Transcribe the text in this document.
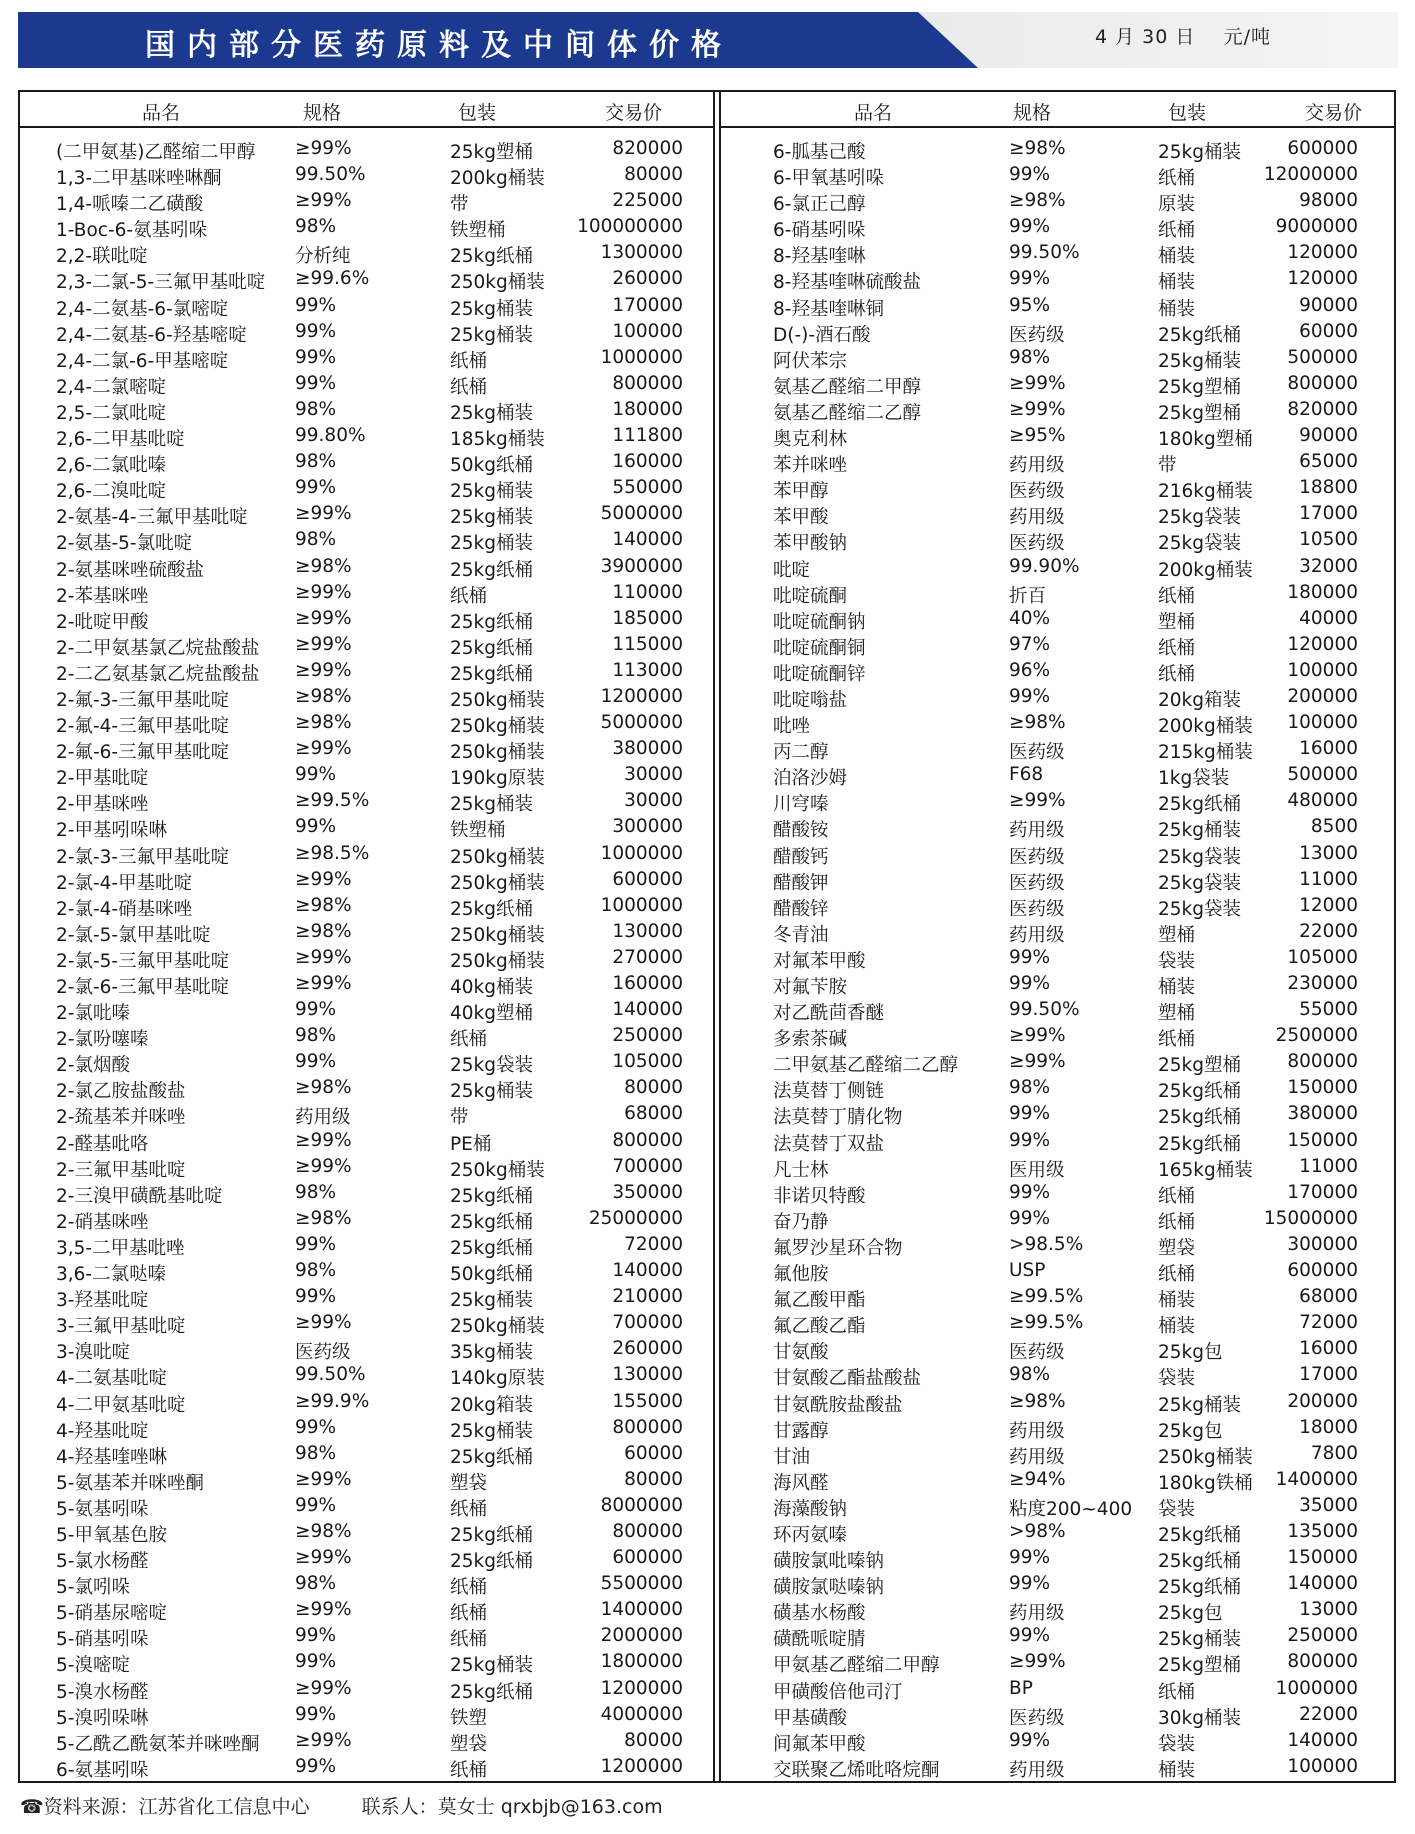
国内部分医药原料及中间体价格	4 月 30 日 元/吨
品名	规格	包装	交易价
(二甲氨基)乙醛缩二甲醇 ≥99%	25kg塑桶	820000
1,3-二甲基咪唑啉酮	99.50%	200kg桶装	80000
1,4-哌嗪二乙磺酸	≥99%	带	225000
1-Boc-6-氨基吲哚	98%	铁塑桶	100000000
2,2-联吡啶	分析纯	25kg纸桶	1300000
2,3-二氯-5-三氟甲基吡啶 ≥99.6%	250kg桶装	260000
2,4-二氨基-6-氯嘧啶	99%	25kg桶装	170000
2,4-二氨基-6-羟基嘧啶	99%	25kg桶装	100000
2,4-二氯-6-甲基嘧啶	99%	纸桶	1000000
2,4-二氯嘧啶	99%	纸桶	800000
2,5-二氯吡啶	98%	25kg桶装	180000
2,6-二甲基吡啶	99.80%	185kg桶装	111800
2,6-二氯吡嗪	98%	50kg纸桶	160000
2,6-二溴吡啶	99%	25kg桶装	550000
2-氨基-4-三氟甲基吡啶	≥99%	25kg桶装	5000000
2-氨基-5-氯吡啶	98%	25kg桶装	140000
2-氨基咪唑硫酸盐	≥98%	25kg纸桶	3900000
2-苯基咪唑	≥99%	纸桶	110000
2-吡啶甲酸	≥99%	25kg纸桶	185000
2-二甲氨基氯乙烷盐酸盐 ≥99%	25kg纸桶	115000
2-二乙氨基氯乙烷盐酸盐 ≥99%	25kg纸桶	113000
2-氟-3-三氟甲基吡啶	≥98%	250kg桶装	1200000
2-氟-4-三氟甲基吡啶	≥98%	250kg桶装	5000000
2-氟-6-三氟甲基吡啶	≥99%	250kg桶装	380000
2-甲基吡啶	99%	190kg原装	30000
2-甲基咪唑	≥99.5%	25kg桶装	30000
2-甲基吲哚啉	99%	铁塑桶	300000
2-氯-3-三氟甲基吡啶	≥98.5%	250kg桶装	1000000
2-氯-4-甲基吡啶	≥99%	250kg桶装	600000
2-氯-4-硝基咪唑	≥98%	25kg纸桶	1000000
2-氯-5-氯甲基吡啶	≥98%	250kg桶装	130000
2-氯-5-三氟甲基吡啶	≥99%	250kg桶装	270000
2-氯-6-三氟甲基吡啶	≥99%	40kg桶装	160000
2-氯吡嗪	99%	40kg塑桶	140000
2-氯吩噻嗪	98%	纸桶	250000
2-氯烟酸	99%	25kg袋装	105000
2-氯乙胺盐酸盐	≥98%	25kg桶装	80000
2-巯基苯并咪唑	药用级	带	68000
2-醛基吡咯	≥99%	PE桶	800000
2-三氟甲基吡啶	≥99%	250kg桶装	700000
2-三溴甲磺酰基吡啶	98%	25kg纸桶	350000
2-硝基咪唑	≥98%	25kg纸桶	25000000
3,5-二甲基吡唑	99%	25kg纸桶	72000
3,6-二氯哒嗪	98%	50kg纸桶	140000
3-羟基吡啶	99%	25kg桶装	210000
3-三氟甲基吡啶	≥99%	250kg桶装	700000
3-溴吡啶	医药级	35kg桶装	260000
4-二氨基吡啶	99.50%	140kg原装	130000
4-二甲氨基吡啶	≥99.9%	20kg箱装	155000
4-羟基吡啶	99%	25kg桶装	800000
4-羟基喹唑啉	98%	25kg纸桶	60000
5-氨基苯并咪唑酮	≥99%	塑袋	80000
5-氨基吲哚	99%	纸桶	8000000
5-甲氧基色胺	≥98%	25kg纸桶	800000
5-氯水杨醛	≥99%	25kg纸桶	600000
5-氯吲哚	98%	纸桶	5500000
5-硝基尿嘧啶	≥99%	纸桶	1400000
5-硝基吲哚	99%	纸桶	2000000
5-溴嘧啶	99%	25kg桶装	1800000
5-溴水杨醛	≥99%	25kg纸桶	1200000
5-溴吲哚啉	99%	铁塑	4000000
5-乙酰乙酰氨苯并咪唑酮 ≥99%	塑袋	80000
6-氨基吲哚	99%	纸桶	1200000
品名	规格	包装	交易价
6-胍基己酸	≥98%	25kg桶装	600000
6-甲氧基吲哚	99%	纸桶	12000000
6-氯正己醇	≥98%	原装	98000
6-硝基吲哚	99%	纸桶	9000000
8-羟基喹啉	99.50%	桶装	120000
8-羟基喹啉硫酸盐	99%	桶装	120000
8-羟基喹啉铜	95%	桶装	90000
D(-)-酒石酸	医药级	25kg纸桶	60000
阿伏苯宗	98%	25kg桶装	500000
氨基乙醛缩二甲醇	≥99%	25kg塑桶	800000
氨基乙醛缩二乙醇	≥99%	25kg塑桶	820000
奥克利林	≥95%	180kg塑桶	90000
苯并咪唑	药用级	带	65000
苯甲醇	医药级	216kg桶装	18800
苯甲酸	药用级	25kg袋装	17000
苯甲酸钠	医药级	25kg袋装	10500
吡啶	99.90%	200kg桶装	32000
吡啶硫酮	折百	纸桶	180000
吡啶硫酮钠	40%	塑桶	40000
吡啶硫酮铜	97%	纸桶	120000
吡啶硫酮锌	96%	纸桶	100000
吡啶嗡盐	99%	20kg箱装	200000
吡唑	≥98%	200kg桶装 100000
丙二醇	医药级	215kg桶装	16000
泊洛沙姆	F68	1kg袋装	500000
川穹嗪	≥99%	25kg纸桶	480000
醋酸铵	药用级	25kg桶装	8500
醋酸钙	医药级	25kg袋装	13000
醋酸钾	医药级	25kg袋装	11000
醋酸锌	医药级	25kg袋装	12000
冬青油	药用级	塑桶	22000
对氟苯甲酸	99%	袋装	105000
对氟苄胺	99%	桶装	230000
对乙酰茴香醚	99.50%	塑桶	55000
多索茶碱	≥99%	纸桶	2500000
二甲氨基乙醛缩二乙醇	≥99%	25kg塑桶	800000
法莫替丁侧链	98%	25kg纸桶	150000
法莫替丁腈化物	99%	25kg纸桶	380000
法莫替丁双盐	99%	25kg纸桶	150000
凡士林	医用级	165kg桶装	11000
非诺贝特酸	99%	纸桶	170000
奋乃静	99%	纸桶	15000000
氟罗沙星环合物	>98.5%	塑袋	300000
氟他胺	USP	纸桶	600000
氟乙酸甲酯	≥99.5%	桶装	68000
氟乙酸乙酯	≥99.5%	桶装	72000
甘氨酸	医药级	25kg包	16000
甘氨酸乙酯盐酸盐	98%	袋装	17000
甘氨酰胺盐酸盐	≥98%	25kg桶装	200000
甘露醇	药用级	25kg包	18000
甘油	药用级	250kg桶装	7800
海风醛	≥94%	180kg铁桶 1400000
海藻酸钠	粘度200~400 袋装	35000
环丙氨嗪	>98%	25kg纸桶	135000
磺胺氯吡嗪钠	99%	25kg纸桶	150000
磺胺氯哒嗪钠	99%	25kg纸桶	140000
磺基水杨酸	药用级	25kg包	13000
磺酰哌啶腈	99%	25kg桶装	250000
甲氨基乙醛缩二甲醇	≥99%	25kg塑桶	800000
甲磺酸倍他司汀	BP	纸桶	1000000
甲基磺酸	医药级	30kg桶装	22000
间氟苯甲酸	99%	袋装	140000
交联聚乙烯吡咯烷酮	药用级	桶装	100000
☎资料来源：江苏省化工信息中心	联系人：莫女士 qrxbjb@163.com
